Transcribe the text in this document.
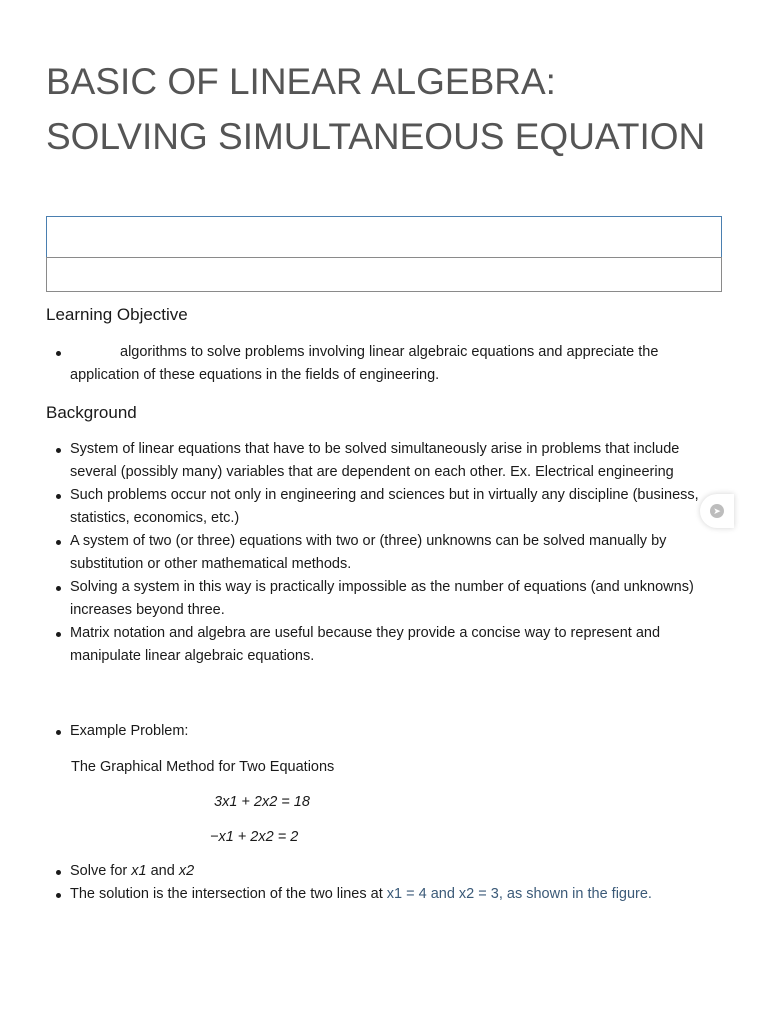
BASIC OF LINEAR ALGEBRA:
SOLVING SIMULTANEOUS EQUATION
Learning Objective
algorithms to solve problems involving linear algebraic equations and appreciate the application of these equations in the fields of engineering.
Background
System of linear equations that have to be solved simultaneously arise in problems that include several (possibly many) variables that are dependent on each other. Ex. Electrical engineering
Such problems occur not only in engineering and sciences but in virtually any discipline (business, statistics, economics, etc.)
A system of two (or three) equations with two or (three) unknowns can be solved manually by substitution or other mathematical methods.
Solving a system in this way is practically impossible as the number of equations (and unknowns) increases beyond three.
Matrix notation and algebra are useful because they provide a concise way to represent and manipulate linear algebraic equations.
Example Problem:

The Graphical Method for Two Equations

3x1 + 2x2 = 18

−x1 + 2x2 = 2

Solve for x1 and x2
The solution is the intersection of the two lines at x1 = 4 and x2 = 3, as shown in the figure.
➤
